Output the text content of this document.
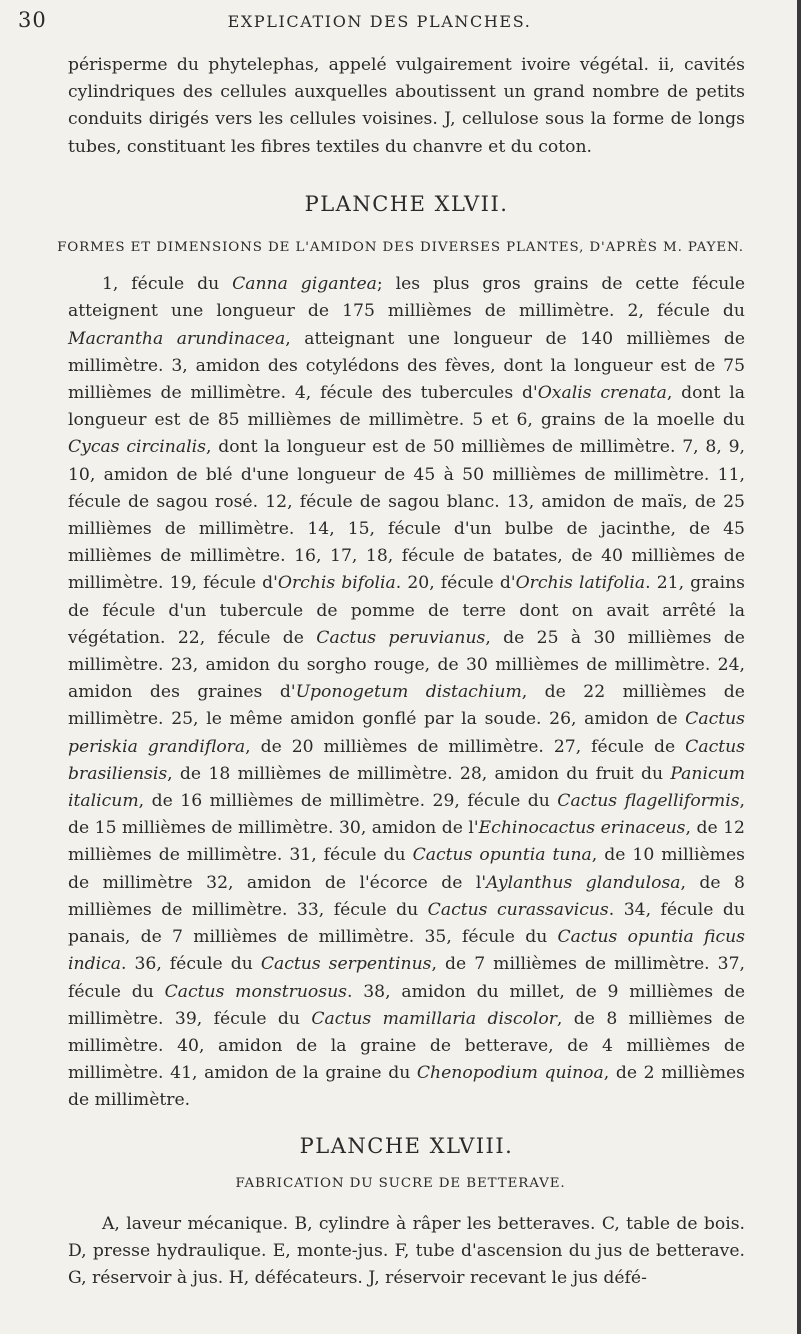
30	EXPLICATION DES PLANCHES.

périsperme du phytelephas, appelé vulgairement ivoire végétal. ii, cavités cylindriques des cellules auxquelles aboutissent un grand nombre de petits conduits dirigés vers les cellules voisines. J, cellulose sous la forme de longs tubes, constituant les fibres textiles du chanvre et du coton.

PLANCHE XLVII.
FORMES ET DIMENSIONS DE L'AMIDON DES DIVERSES PLANTES, D'APRÈS M. PAYEN.

1, fécule du Canna gigantea; les plus gros grains de cette fécule atteignent une longueur de 175 millièmes de millimètre. 2, fécule du Macrantha arundinacea, atteignant une longueur de 140 millièmes de millimètre. 3, amidon des cotylédons des fèves, dont la longueur est de 75 millièmes de millimètre. 4, fécule des tubercules d'Oxalis crenata, dont la longueur est de 85 millièmes de millimètre. 5 et 6, grains de la moelle du Cycas circinalis, dont la longueur est de 50 millièmes de millimètre. 7, 8, 9, 10, amidon de blé d'une longueur de 45 à 50 millièmes de millimètre. 11, fécule de sagou rosé. 12, fécule de sagou blanc. 13, amidon de maïs, de 25 millièmes de millimètre. 14, 15, fécule d'un bulbe de jacinthe, de 45 millièmes de millimètre. 16, 17, 18, fécule de batates, de 40 millièmes de millimètre. 19, fécule d'Orchis bifolia. 20, fécule d'Orchis latifolia. 21, grains de fécule d'un tubercule de pomme de terre dont on avait arrêté la végétation. 22, fécule de Cactus peruvianus, de 25 à 30 millièmes de millimètre. 23, amidon du sorgho rouge, de 30 millièmes de millimètre. 24, amidon des graines d'Uponogetum distachium, de 22 millièmes de millimètre. 25, le même amidon gonflé par la soude. 26, amidon de Cactus periskia grandiflora, de 20 millièmes de millimètre. 27, fécule de Cactus brasiliensis, de 18 millièmes de millimètre. 28, amidon du fruit du Panicum italicum, de 16 millièmes de millimètre. 29, fécule du Cactus flagelliformis, de 15 millièmes de millimètre. 30, amidon de l'Echinocactus erinaceus, de 12 millièmes de millimètre. 31, fécule du Cactus opuntia tuna, de 10 millièmes de millimètre 32, amidon de l'écorce de l'Aylanthus glandulosa, de 8 millièmes de millimètre. 33, fécule du Cactus curassavicus. 34, fécule du panais, de 7 millièmes de millimètre. 35, fécule du Cactus opuntia ficus indica. 36, fécule du Cactus serpentinus, de 7 millièmes de millimètre. 37, fécule du Cactus monstruosus. 38, amidon du millet, de 9 millièmes de millimètre. 39, fécule du Cactus mamillaria discolor, de 8 millièmes de millimètre. 40, amidon de la graine de betterave, de 4 millièmes de millimètre. 41, amidon de la graine du Chenopodium quinoa, de 2 millièmes de millimètre.

PLANCHE XLVIII.
FABRICATION DU SUCRE DE BETTERAVE.

A, laveur mécanique. B, cylindre à râper les betteraves. C, table de bois. D, presse hydraulique. E, monte-jus. F, tube d'ascension du jus de betterave. G, réservoir à jus. H, défécateurs. J, réservoir recevant le jus défé-
